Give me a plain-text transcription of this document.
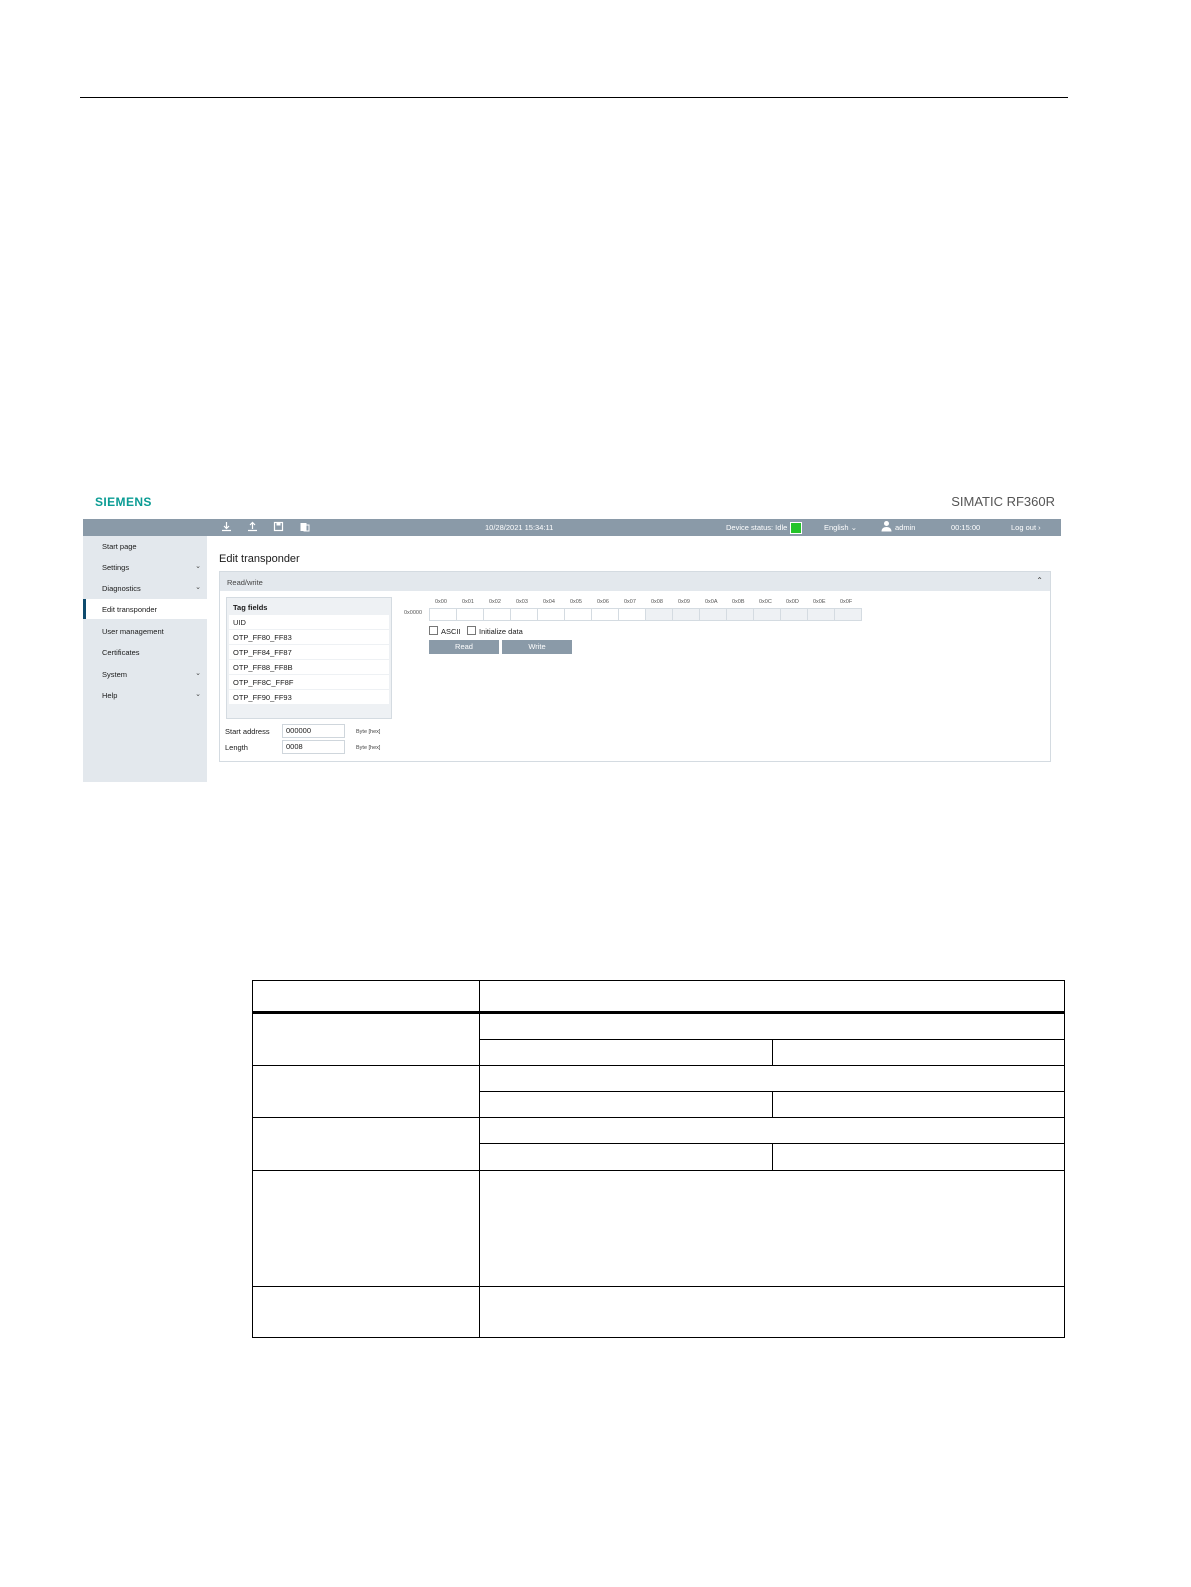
SIEMENS	SIMATIC RF360R
10/28/2021 15:34:11	Device status: Idle	English ⌄	admin	00:15:00	Log out ›
Start page
Settings	⌄
Diagnostics	⌄
Edit transponder
User management
Certificates
System	⌄
Help	⌄
Edit transponder
Read/write	⌃
Tag fields
UID
OTP_FF80_FF83
OTP_FF84_FF87
OTP_FF88_FF8B
OTP_FF8C_FF8F
OTP_FF90_FF93
Start address	000000	Byte [hex]
Length	0008	Byte [hex]
0x00	0x01	0x02	0x03	0x04	0x05	0x06	0x07	0x08	0x09	0x0A	0x0B	0x0C	0x0D	0x0E	0x0F
0x0000
ASCII	Initialize data
Read	Write
